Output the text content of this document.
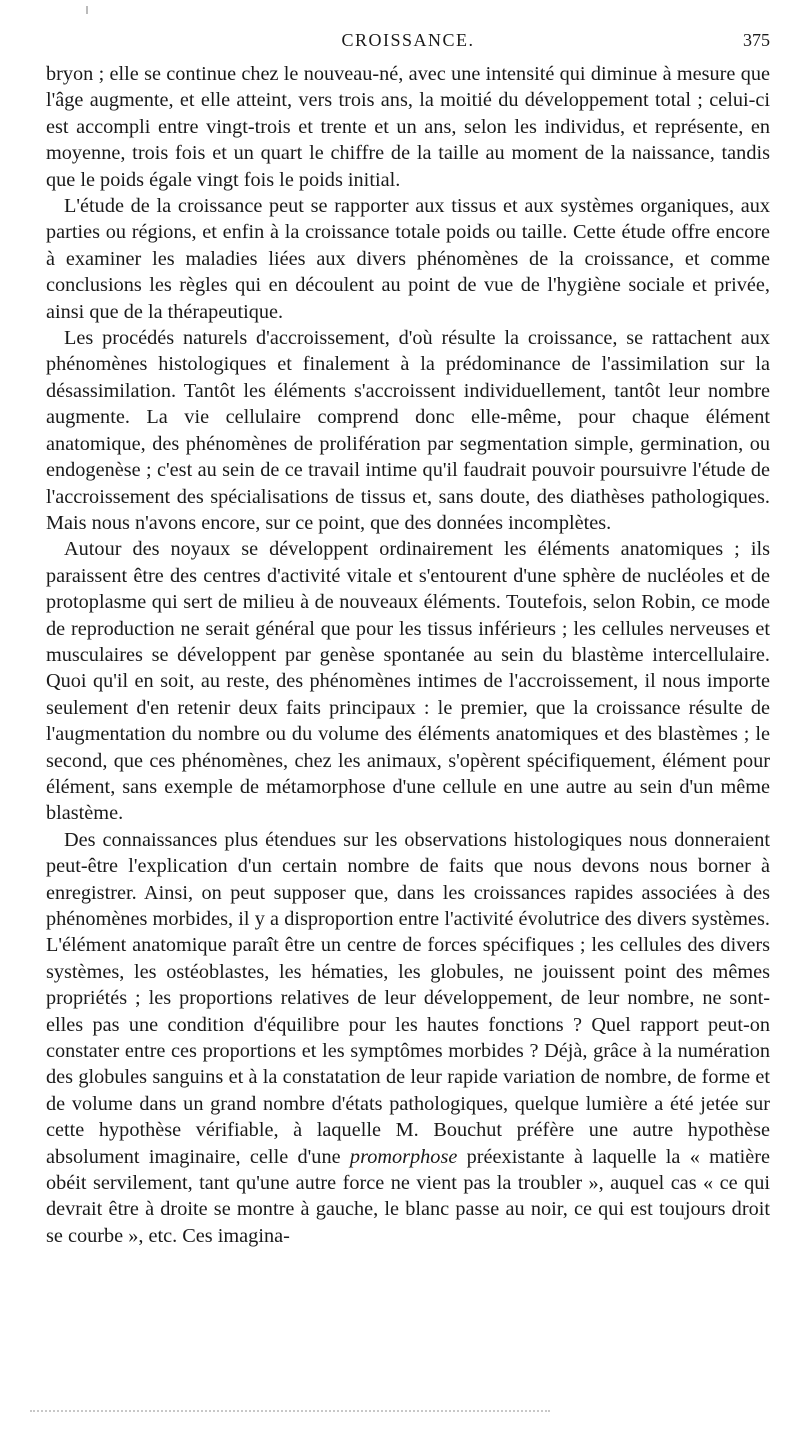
CROISSANCE.	375

bryon ; elle se continue chez le nouveau-né, avec une intensité qui diminue à mesure que l'âge augmente, et elle atteint, vers trois ans, la moitié du développement total ; celui-ci est accompli entre vingt-trois et trente et un ans, selon les individus, et représente, en moyenne, trois fois et un quart le chiffre de la taille au moment de la naissance, tandis que le poids égale vingt fois le poids initial.

L'étude de la croissance peut se rapporter aux tissus et aux systèmes organiques, aux parties ou régions, et enfin à la croissance totale poids ou taille. Cette étude offre encore à examiner les maladies liées aux divers phénomènes de la croissance, et comme conclusions les règles qui en découlent au point de vue de l'hygiène sociale et privée, ainsi que de la thérapeutique.

Les procédés naturels d'accroissement, d'où résulte la croissance, se rattachent aux phénomènes histologiques et finalement à la prédominance de l'assimilation sur la désassimilation. Tantôt les éléments s'accroissent individuellement, tantôt leur nombre augmente. La vie cellulaire comprend donc elle-même, pour chaque élément anatomique, des phénomènes de prolifération par segmentation simple, germination, ou endogenèse ; c'est au sein de ce travail intime qu'il faudrait pouvoir poursuivre l'étude de l'accroissement des spécialisations de tissus et, sans doute, des diathèses pathologiques. Mais nous n'avons encore, sur ce point, que des données incomplètes.

Autour des noyaux se développent ordinairement les éléments anatomiques ; ils paraissent être des centres d'activité vitale et s'entourent d'une sphère de nucléoles et de protoplasme qui sert de milieu à de nouveaux éléments. Toutefois, selon Robin, ce mode de reproduction ne serait général que pour les tissus inférieurs ; les cellules nerveuses et musculaires se développent par genèse spontanée au sein du blastème intercellulaire. Quoi qu'il en soit, au reste, des phénomènes intimes de l'accroissement, il nous importe seulement d'en retenir deux faits principaux : le premier, que la croissance résulte de l'augmentation du nombre ou du volume des éléments anatomiques et des blastèmes ; le second, que ces phénomènes, chez les animaux, s'opèrent spécifiquement, élément pour élément, sans exemple de métamorphose d'une cellule en une autre au sein d'un même blastème.

Des connaissances plus étendues sur les observations histologiques nous donneraient peut-être l'explication d'un certain nombre de faits que nous devons nous borner à enregistrer. Ainsi, on peut supposer que, dans les croissances rapides associées à des phénomènes morbides, il y a disproportion entre l'activité évolutrice des divers systèmes. L'élément anatomique paraît être un centre de forces spécifiques ; les cellules des divers systèmes, les ostéoblastes, les hématies, les globules, ne jouissent point des mêmes propriétés ; les proportions relatives de leur développement, de leur nombre, ne sont-elles pas une condition d'équilibre pour les hautes fonctions ? Quel rapport peut-on constater entre ces proportions et les symptômes morbides ? Déjà, grâce à la numération des globules sanguins et à la constatation de leur rapide variation de nombre, de forme et de volume dans un grand nombre d'états pathologiques, quelque lumière a été jetée sur cette hypothèse vérifiable, à laquelle M. Bouchut préfère une autre hypothèse absolument imaginaire, celle d'une promorphose préexistante à laquelle la « matière obéit servilement, tant qu'une autre force ne vient pas la troubler », auquel cas « ce qui devrait être à droite se montre à gauche, le blanc passe au noir, ce qui est toujours droit se courbe », etc. Ces imagina-
